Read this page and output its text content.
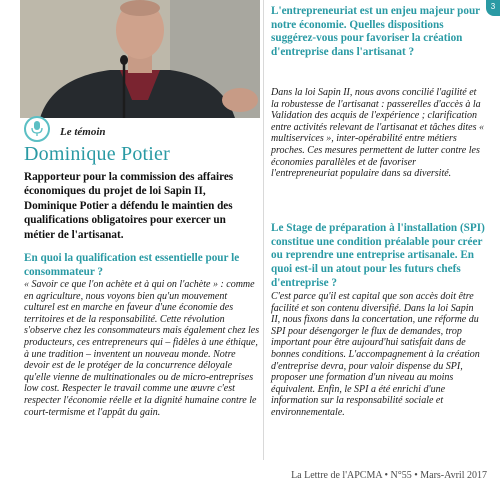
3
Le témoin
Dominique Potier

Rapporteur pour la commission des affaires économiques du projet de loi Sapin II, Dominique Potier a défendu le maintien des qualifications obligatoires pour exercer un métier de l'artisanat.

En quoi la qualification est essentielle pour le consommateur ?

« Savoir ce que l'on achète et à qui on l'achète » : comme en agriculture, nous voyons bien qu'un mouvement culturel est en marche en faveur d'une économie des territoires et de la responsabilité. Cette révolution s'observe chez les consommateurs mais également chez les producteurs, ces entrepreneurs qui – fidèles à une éthique, à une tradition – inventent un nouveau monde. Notre devoir est de le protéger de la concurrence déloyale qu'elle vienne de multinationales ou de micro-entreprises low cost. Respecter le travail comme une œuvre c'est respecter l'économie réelle et la dignité humaine contre le court-termisme et l'appât du gain.

L'entrepreneuriat est un enjeu majeur pour notre économie. Quelles dispositions suggérez-vous pour favoriser la création d'entreprise dans l'artisanat ?

Dans la loi Sapin II, nous avons concilié l'agilité et la robustesse de l'artisanat : passerelles d'accès à la Validation des acquis de l'expérience ; clarification entre activités relevant de l'artisanat et tâches dites « multiservices », inter-opérabilité entre métiers proches. Ces mesures permettent de lutter contre les économies parallèles et de favoriser l'entrepreneuriat populaire dans sa diversité.

Le Stage de préparation à l'installation (SPI) constitue une condition préalable pour créer ou reprendre une entreprise artisanale. En quoi est-il un atout pour les futurs chefs d'entreprise ?

C'est parce qu'il est capital que son accès doit être facilité et son contenu diversifié. Dans la loi Sapin II, nous fixons dans la concertation, une réforme du SPI pour désengorger le flux de demandes, trop important pour être aujourd'hui satisfait dans de bonnes conditions. L'accompagnement à la création d'entreprise devra, pour valoir dispense du SPI, proposer une formation d'un niveau au moins équivalent. Enfin, le SPI a été enrichi d'une information sur la responsabilité sociale et environnementale.

La Lettre de l'APCMA • N°55 • Mars-Avril 2017
